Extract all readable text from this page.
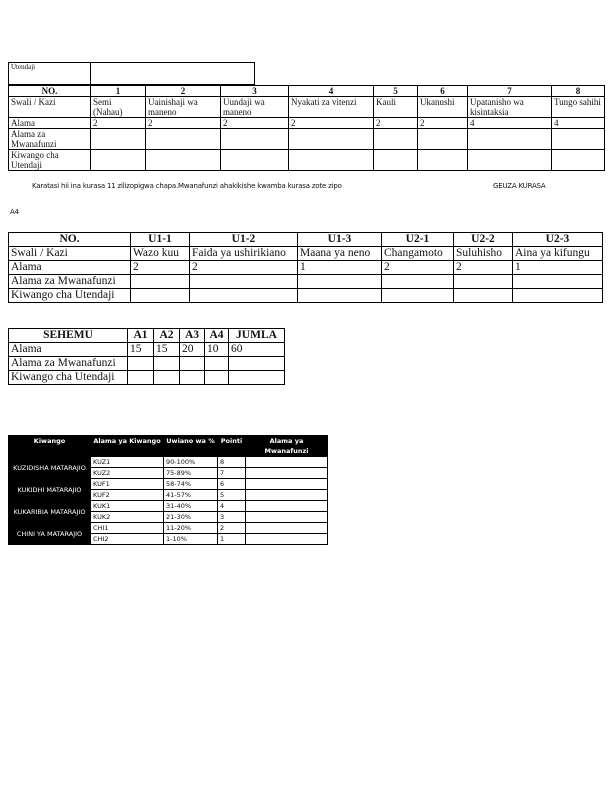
Utendaji	
NO.	1	2	3	4	5	6	7	8
Swali / Kazi	Semi (Nahau)	Uainishaji wa maneno	Uundaji wa maneno	Nyakati za vitenzi	Kauli	Ukanushi	Upatanisho wa kisintaksia	Tungo sahihi
Alama	2	2	2	2	2	2	4	4
Alama za Mwanafunzi								
Kiwango cha Utendaji								
Karatasi hii ina kurasa 11 zilizopigwa chapa.Mwanafunzi ahakikishe kwamba kurasa zote zipo	GEUZA KURASA
A4
NO.	U1-1	U1-2	U1-3	U2-1	U2-2	U2-3
Swali / Kazi	Wazo kuu	Faida ya ushirikiano	Maana ya neno	Changamoto	Suluhisho	Aina ya kifungu
Alama	2	2	1	2	2	1
Alama za Mwanafunzi						
Kiwango cha Utendaji						
SEHEMU	A1	A2	A3	A4	JUMLA
Alama	15	15	20	10	60
Alama za Mwanafunzi					
Kiwango cha Utendaji					
Kiwango	Alama ya Kiwango	Uwiano wa %	Pointi	Alama ya Mwanafunzi
KUZIDISHA MATARAJIO	KUZ1	90-100%	8	
	KUZ2	75-89%	7	
KUKIDHI MATARAJIO	KUF1	58-74%	6	
	KUF2	41-57%	5	
KUKARIBIA MATARAJIO	KUK1	31-40%	4	
	KUK2	21-30%	3	
CHINI YA MATARAJIO	CHI1	11-20%	2	
	CHI2	1-10%	1	
